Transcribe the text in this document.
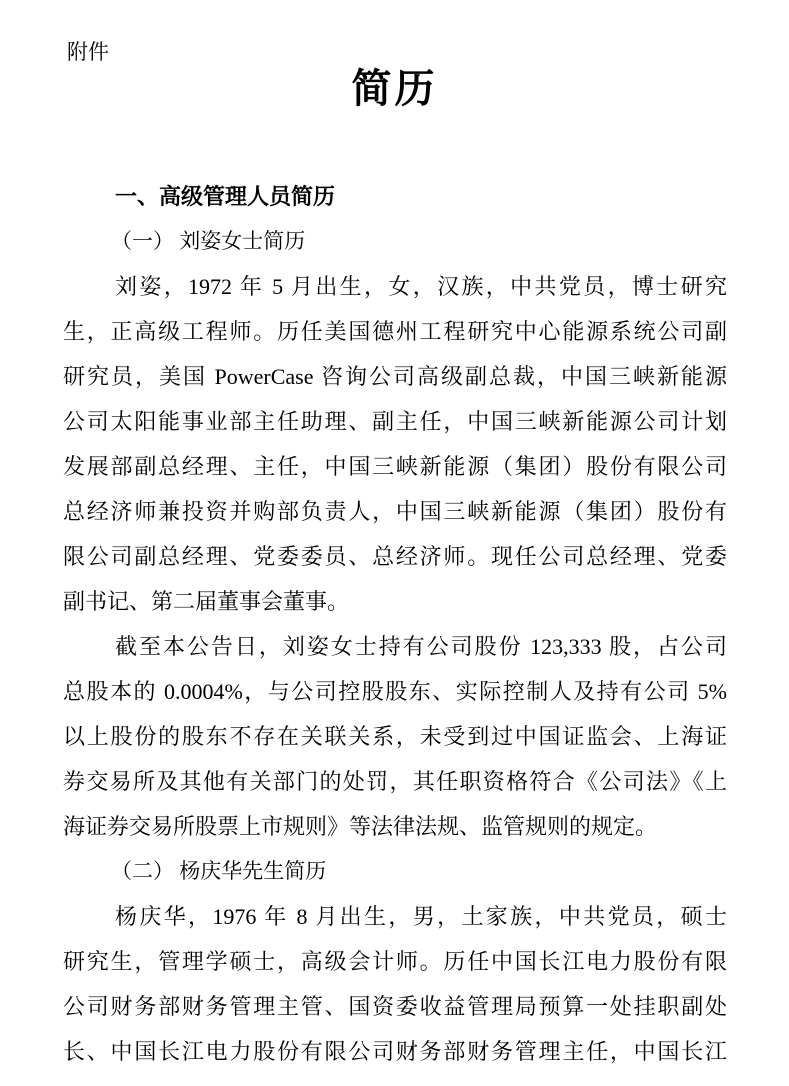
附件
简历
一、高级管理人员简历
（一） 刘姿女士简历
刘姿，1972 年 5 月出生，女，汉族，中共党员，博士研究
生，正高级工程师。历任美国德州工程研究中心能源系统公司副
研究员，美国 PowerCase 咨询公司高级副总裁，中国三峡新能源
公司太阳能事业部主任助理、副主任，中国三峡新能源公司计划
发展部副总经理、主任，中国三峡新能源（集团）股份有限公司
总经济师兼投资并购部负责人，中国三峡新能源（集团）股份有
限公司副总经理、党委委员、总经济师。现任公司总经理、党委
副书记、第二届董事会董事。
截至本公告日，刘姿女士持有公司股份 123,333 股，占公司
总股本的 0.0004%，与公司控股股东、实际控制人及持有公司 5%
以上股份的股东不存在关联关系，未受到过中国证监会、上海证
券交易所及其他有关部门的处罚，其任职资格符合《公司法》《上
海证券交易所股票上市规则》等法律法规、监管规则的规定。
（二） 杨庆华先生简历
杨庆华，1976 年 8 月出生，男，土家族，中共党员，硕士
研究生，管理学硕士，高级会计师。历任中国长江电力股份有限
公司财务部财务管理主管、国资委收益管理局预算一处挂职副处
长、中国长江电力股份有限公司财务部财务管理主任，中国长江
